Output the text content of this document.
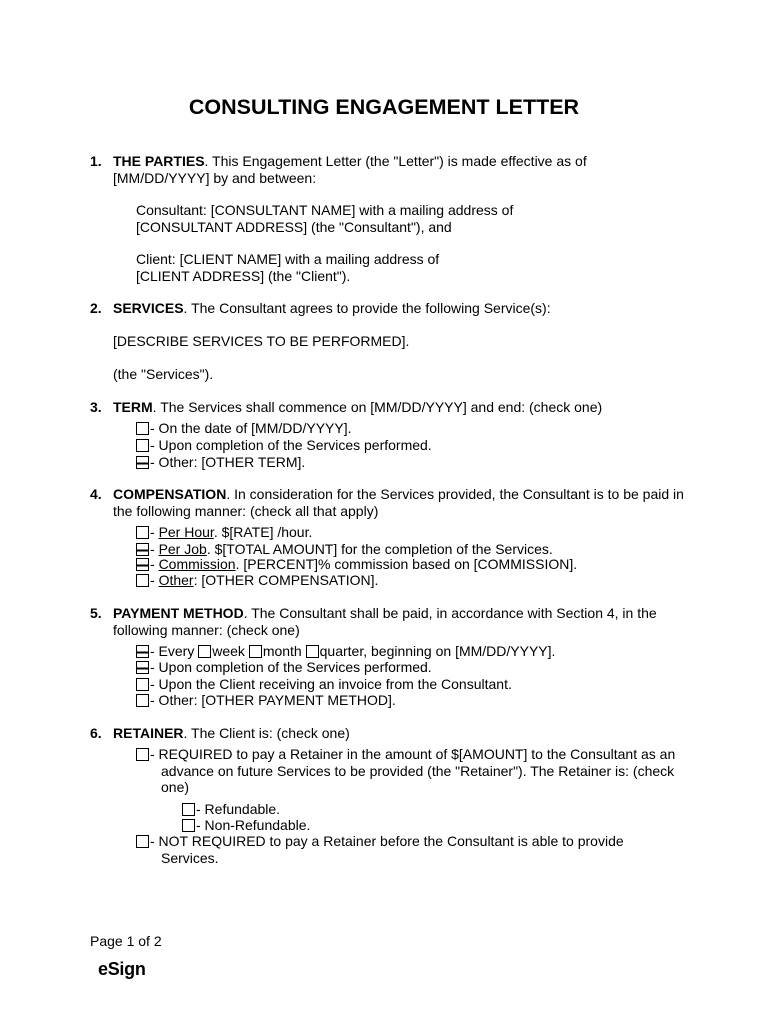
CONSULTING ENGAGEMENT LETTER
1. THE PARTIES. This Engagement Letter (the "Letter") is made effective as of
[MM/DD/YYYY] by and between:
Consultant: [CONSULTANT NAME] with a mailing address of
[CONSULTANT ADDRESS] (the "Consultant"), and
Client: [CLIENT NAME] with a mailing address of
[CLIENT ADDRESS] (the "Client").
2. SERVICES. The Consultant agrees to provide the following Service(s):
[DESCRIBE SERVICES TO BE PERFORMED].
(the "Services").
3. TERM. The Services shall commence on [MM/DD/YYYY] and end: (check one)
- On the date of [MM/DD/YYYY].
- Upon completion of the Services performed.
- Other: [OTHER TERM].
4. COMPENSATION. In consideration for the Services provided, the Consultant is to be paid in
the following manner: (check all that apply)
- Per Hour. $[RATE] /hour.
- Per Job. $[TOTAL AMOUNT] for the completion of the Services.
- Commission. [PERCENT]% commission based on [COMMISSION].
- Other: [OTHER COMPENSATION].
5. PAYMENT METHOD. The Consultant shall be paid, in accordance with Section 4, in the
following manner: (check one)
- Every week month quarter, beginning on [MM/DD/YYYY].
- Upon completion of the Services performed.
- Upon the Client receiving an invoice from the Consultant.
- Other: [OTHER PAYMENT METHOD].
6. RETAINER. The Client is: (check one)
- REQUIRED to pay a Retainer in the amount of $[AMOUNT] to the Consultant as an
advance on future Services to be provided (the "Retainer"). The Retainer is: (check
one)
- Refundable.
- Non-Refundable.
- NOT REQUIRED to pay a Retainer before the Consultant is able to provide
Services.
Page 1 of 2
eSign
